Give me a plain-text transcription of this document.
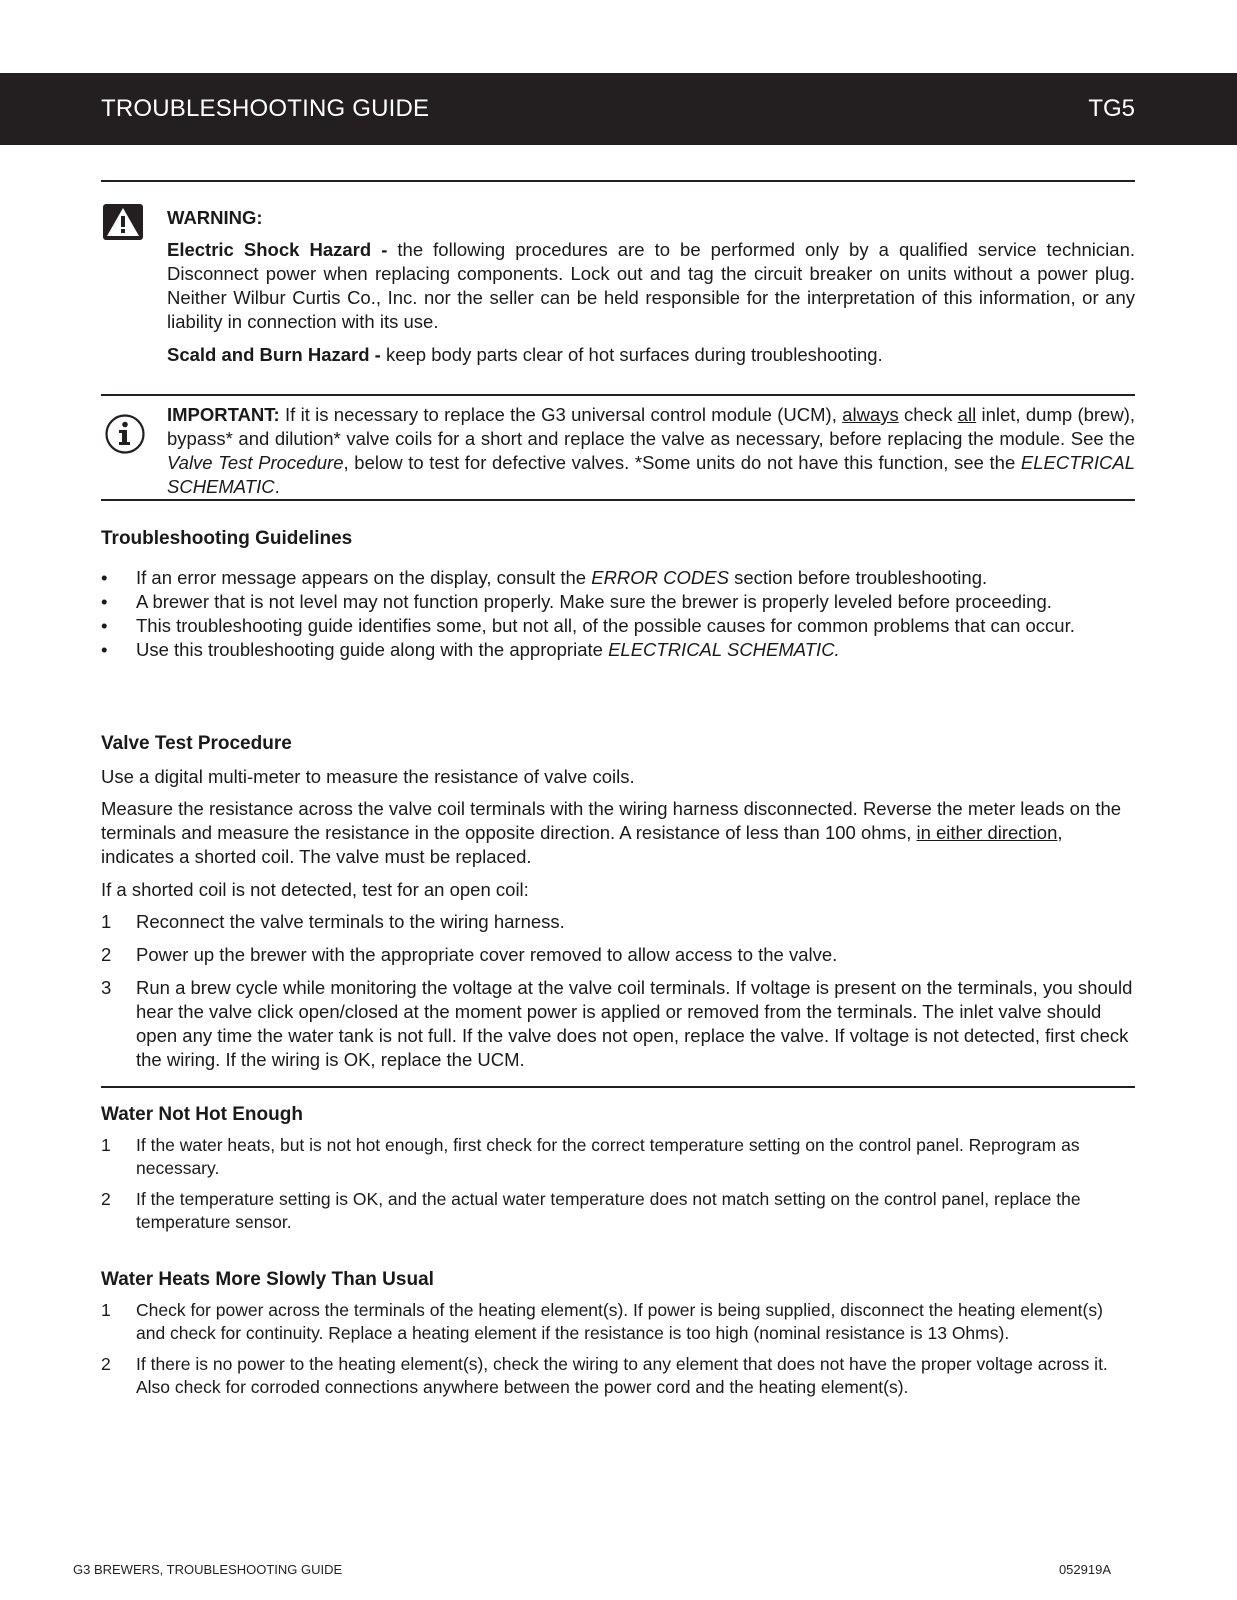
TROUBLESHOOTING GUIDE	TG5
WARNING:
Electric Shock Hazard - the following procedures are to be performed only by a qualified service technician. Disconnect power when replacing components. Lock out and tag the circuit breaker on units without a power plug. Neither Wilbur Curtis Co., Inc. nor the seller can be held responsible for the interpretation of this information, or any liability in connection with its use.
Scald and Burn Hazard - keep body parts clear of hot surfaces during troubleshooting.
IMPORTANT: If it is necessary to replace the G3 universal control module (UCM), always check all inlet, dump (brew), bypass* and dilution* valve coils for a short and replace the valve as necessary, before replacing the module. See the Valve Test Procedure, below to test for defective valves. *Some units do not have this function, see the ELECTRICAL SCHEMATIC.
Troubleshooting Guidelines
• If an error message appears on the display, consult the ERROR CODES section before troubleshooting.
• A brewer that is not level may not function properly. Make sure the brewer is properly leveled before proceeding.
• This troubleshooting guide identifies some, but not all, of the possible causes for common problems that can occur.
• Use this troubleshooting guide along with the appropriate ELECTRICAL SCHEMATIC.
Valve Test Procedure
Use a digital multi-meter to measure the resistance of valve coils.
Measure the resistance across the valve coil terminals with the wiring harness disconnected. Reverse the meter leads on the terminals and measure the resistance in the opposite direction. A resistance of less than 100 ohms, in either direction, indicates a shorted coil. The valve must be replaced.
If a shorted coil is not detected, test for an open coil:
1 Reconnect the valve terminals to the wiring harness.
2 Power up the brewer with the appropriate cover removed to allow access to the valve.
3 Run a brew cycle while monitoring the voltage at the valve coil terminals. If voltage is present on the terminals, you should hear the valve click open/closed at the moment power is applied or removed from the terminals. The inlet valve should open any time the water tank is not full. If the valve does not open, replace the valve. If voltage is not detected, first check the wiring. If the wiring is OK, replace the UCM.
Water Not Hot Enough
1 If the water heats, but is not hot enough, first check for the correct temperature setting on the control panel. Reprogram as necessary.
2 If the temperature setting is OK, and the actual water temperature does not match setting on the control panel, replace the temperature sensor.
Water Heats More Slowly Than Usual
1 Check for power across the terminals of the heating element(s). If power is being supplied, disconnect the heating element(s) and check for continuity. Replace a heating element if the resistance is too high (nominal resistance is 13 Ohms).
2 If there is no power to the heating element(s), check the wiring to any element that does not have the proper voltage across it. Also check for corroded connections anywhere between the power cord and the heating element(s).
G3 BREWERS, TROUBLESHOOTING GUIDE	052919A
